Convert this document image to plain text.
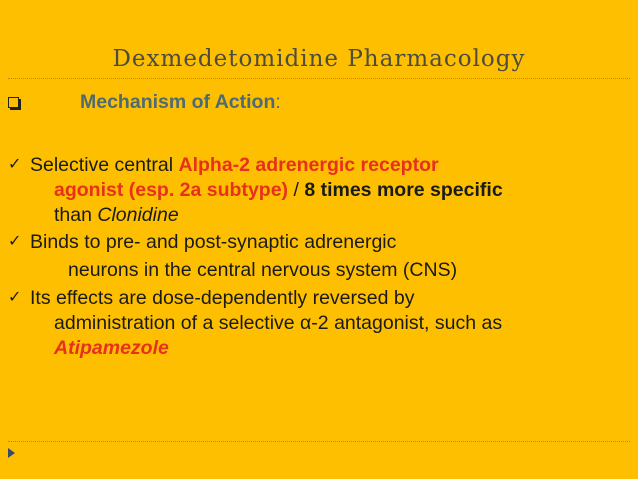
Dexmedetomidine Pharmacology
Mechanism of Action:
✓ Selective central Alpha-2 adrenergic receptor
agonist (esp. 2a subtype) / 8 times more specific
than Clonidine
✓ Binds to pre- and post-synaptic adrenergic
neurons in the central nervous system (CNS)
✓ Its effects are dose-dependently reversed by
administration of a selective α-2 antagonist, such as
Atipamezole
